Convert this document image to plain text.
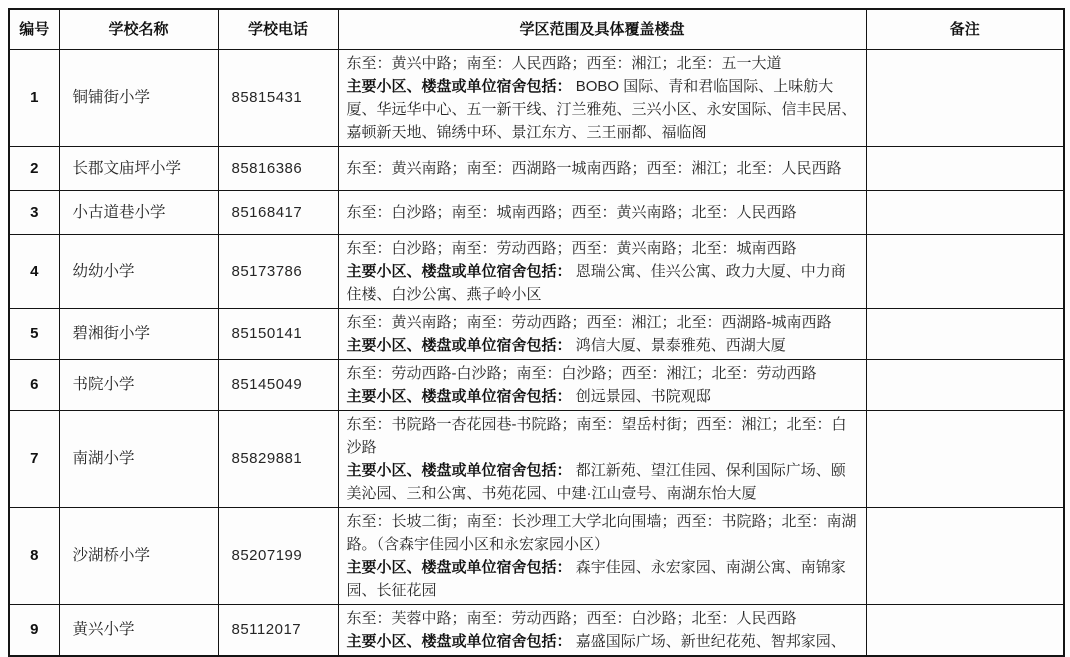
编号	学校名称	学校电话	学区范围及具体覆盖楼盘	备注
1	铜铺街小学	85815431	东至：黄兴中路；南至：人民西路；西至：湘江；北至：五一大道
主要小区、楼盘或单位宿舍包括： BOBO 国际、青和君临国际、上味舫大厦、华远华中心、五一新干线、汀兰雅苑、三兴小区、永安国际、信丰民居、嘉顿新天地、锦绣中环、景江东方、三王丽都、福临阁	
2	长郡文庙坪小学	85816386	东至：黄兴南路；南至：西湖路一城南西路；西至：湘江；北至：人民西路	

3	小古道巷小学	85168417	东至：白沙路；南至：城南西路；西至：黄兴南路；北至：人民西路	

4	幼幼小学	85173786	东至：白沙路；南至：劳动西路；西至：黄兴南路；北至：城南西路
主要小区、楼盘或单位宿舍包括： 恩瑞公寓、佳兴公寓、政力大厦、中力商住楼、白沙公寓、燕子岭小区	
5	碧湘街小学	85150141	东至：黄兴南路；南至：劳动西路；西至：湘江；北至：西湖路-城南西路
主要小区、楼盘或单位宿舍包括： 鸿信大厦、景泰雅苑、西湖大厦	
6	书院小学	85145049	东至：劳动西路-白沙路；南至：白沙路；西至：湘江；北至：劳动西路
主要小区、楼盘或单位宿舍包括： 创远景园、书院观邸	
7	南湖小学	85829881	东至：书院路一杏花园巷-书院路；南至：望岳村街；西至：湘江；北至：白沙路
主要小区、楼盘或单位宿舍包括： 都江新苑、望江佳园、保利国际广场、颐美沁园、三和公寓、书苑花园、中建·江山壹号、南湖东怡大厦	
8	沙湖桥小学	85207199	东至：长坡二街；南至：长沙理工大学北向围墙；西至：书院路；北至：南湖路。（含森宇佳园小区和永宏家园小区）
主要小区、楼盘或单位宿舍包括： 森宇佳园、永宏家园、南湖公寓、南锦家园、长征花园	
9	黄兴小学	85112017	东至：芙蓉中路；南至：劳动西路；西至：白沙路；北至：人民西路
主要小区、楼盘或单位宿舍包括： 嘉盛国际广场、新世纪花苑、智邦家园、	
